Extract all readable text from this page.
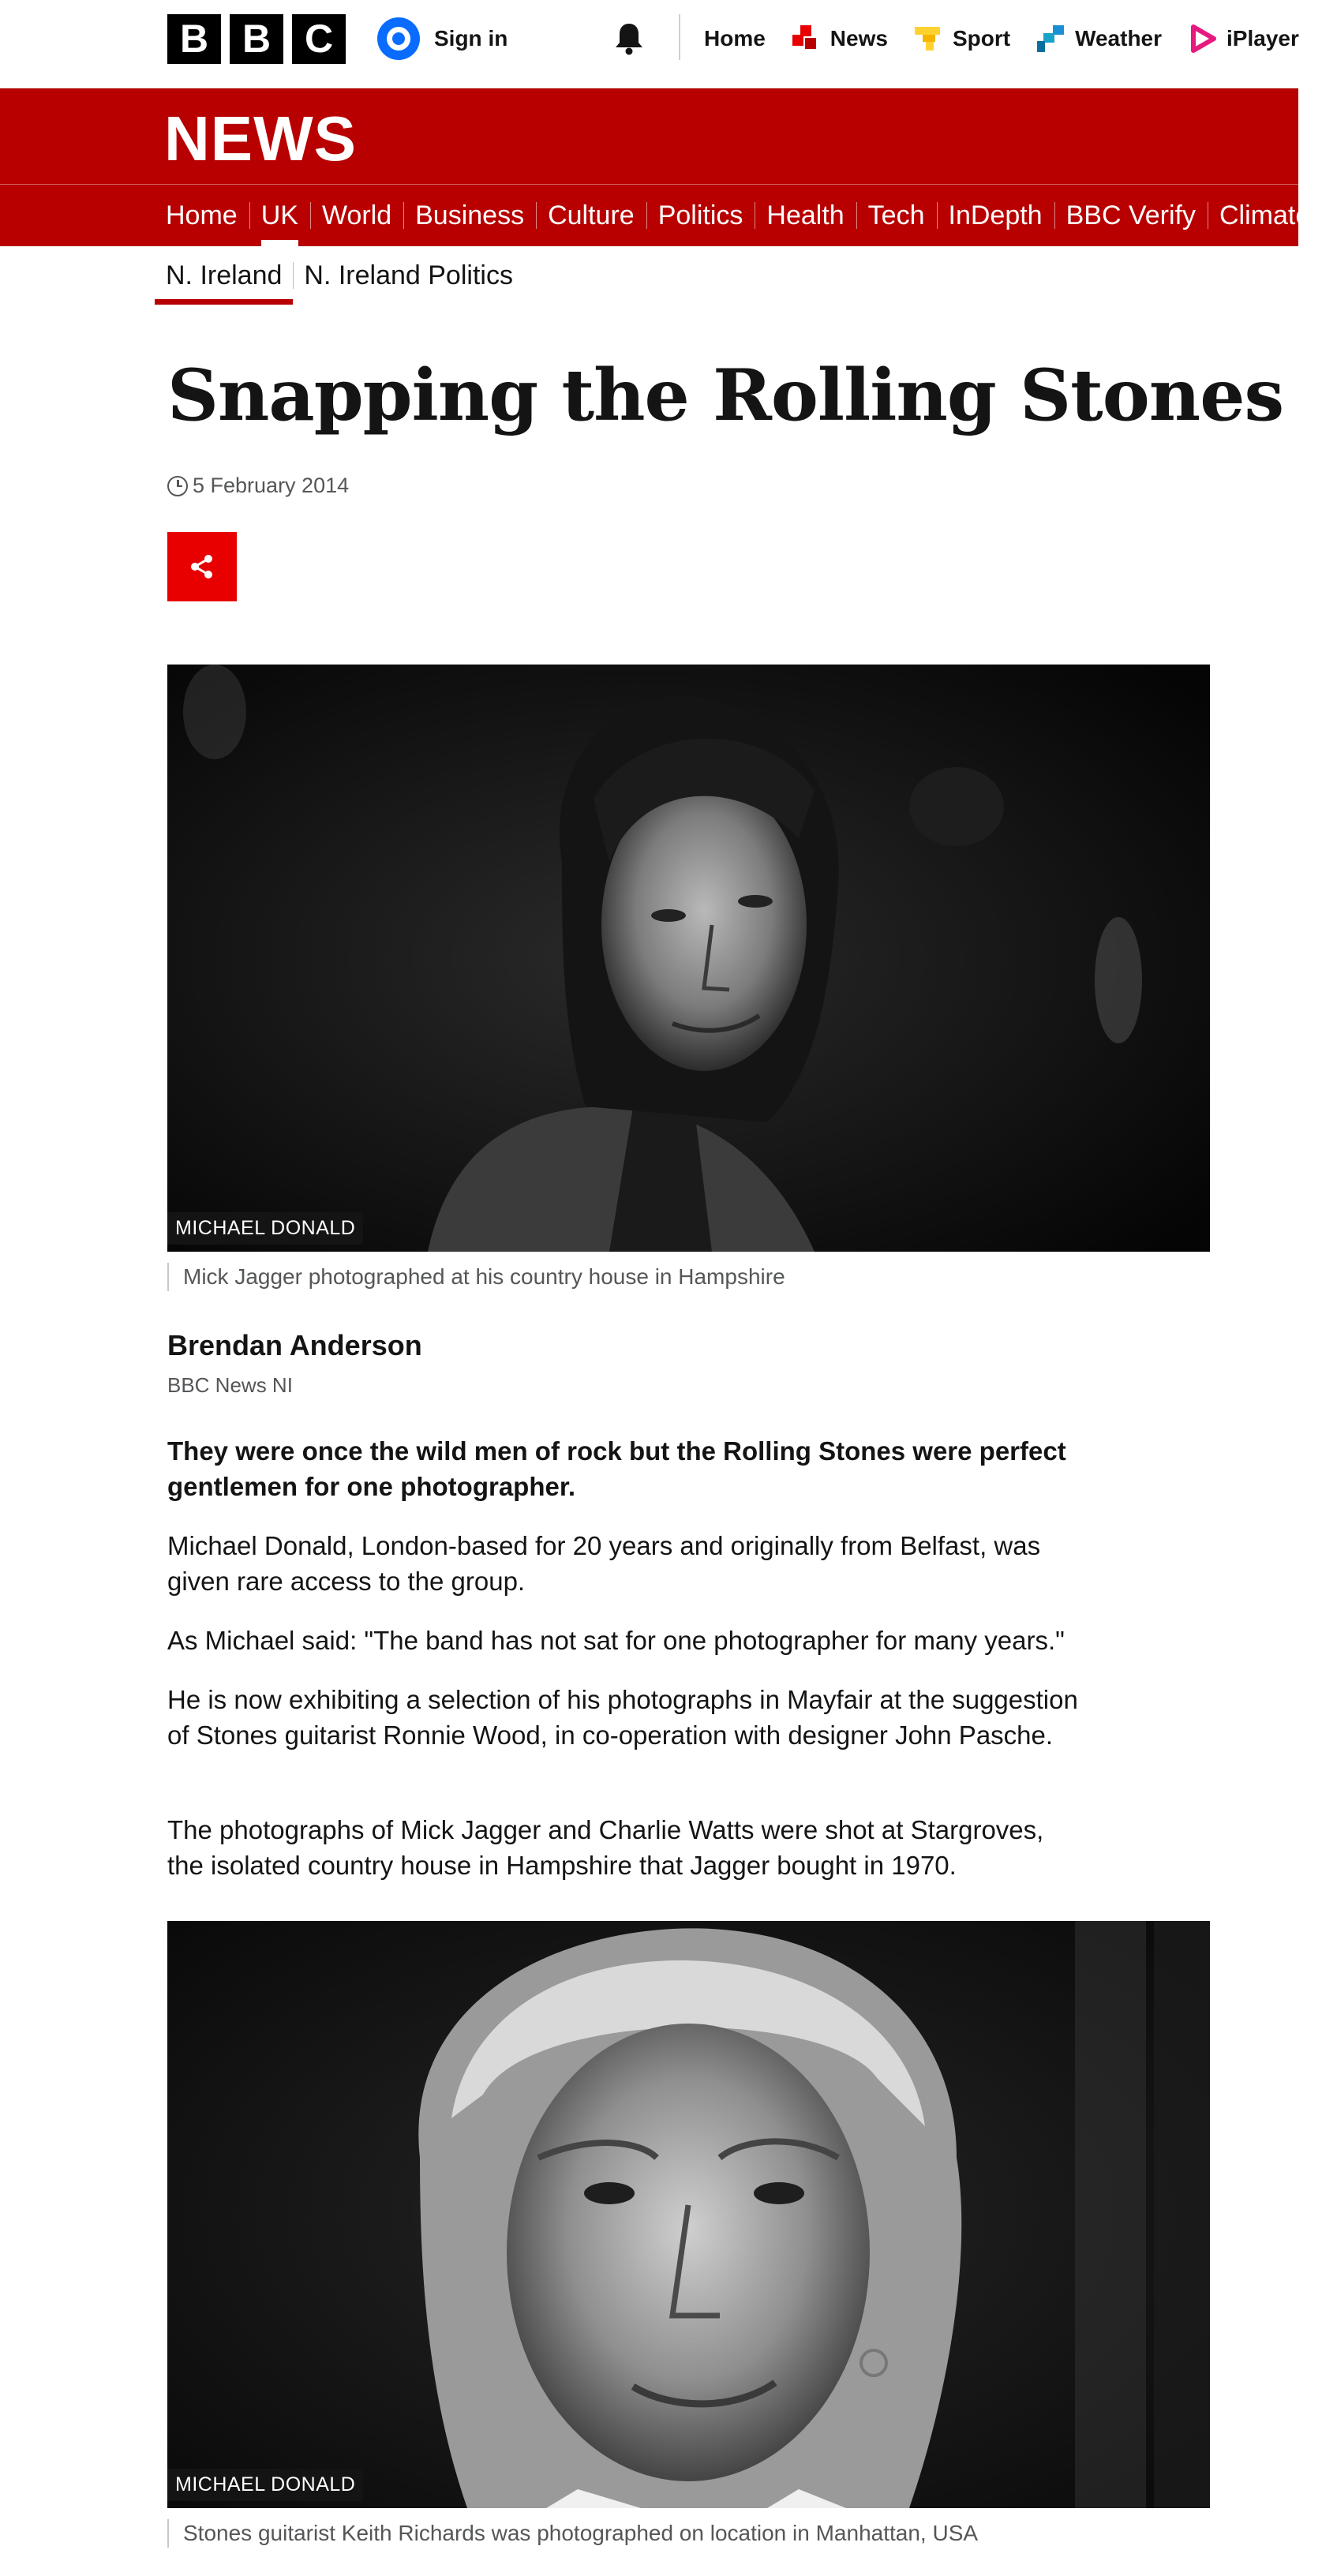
B B C	Sign in	Home	News	Sport	Weather	iPlayer
NEWS
Home UK World Business Culture Politics Health Tech InDepth BBC Verify Climate
N. Ireland N. Ireland Politics
Snapping the Rolling Stones
5 February 2014
MICHAEL DONALD
Mick Jagger photographed at his country house in Hampshire
Brendan Anderson
BBC News NI

They were once the wild men of rock but the Rolling Stones were perfect gentlemen for one photographer.

Michael Donald, London-based for 20 years and originally from Belfast, was given rare access to the group.

As Michael said: "The band has not sat for one photographer for many years."

He is now exhibiting a selection of his photographs in Mayfair at the suggestion of Stones guitarist Ronnie Wood, in co-operation with designer John Pasche.

The photographs of Mick Jagger and Charlie Watts were shot at Stargroves, the isolated country house in Hampshire that Jagger bought in 1970.

MICHAEL DONALD
Stones guitarist Keith Richards was photographed on location in Manhattan, USA
